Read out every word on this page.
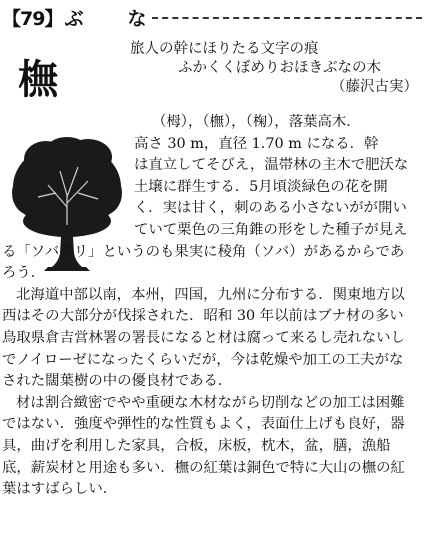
【79】 ぶ な
旅人の幹にほりたる文字の痕
ふかくくぼめりおほきぶなの木
（藤沢古実）
橅

（栂），（橅），（椈），落葉高木．

高さ 30 m，直径 1.70 m になる．幹

は直立してそびえ，温帯林の主木で肥沃な

土壌に群生する．5月頃淡緑色の花を開

く．実は甘く，刺のある小さないがが開い

ていて栗色の三角錐の形をした種子が見え

る「ソバグリ」というのも果実に稜角（ソバ）があるからであ

ろう．

北海道中部以南，本州，四国，九州に分布する．関東地方以

西はその大部分が伐採された．昭和 30 年以前はブナ材の多い

鳥取県倉吉営林署の署長になると材は腐って来るし売れないし

でノイローゼになったくらいだが，今は乾燥や加工の工夫がな

された闊葉樹の中の優良材である．

材は割合緻密でやや重硬な木材ながら切削などの加工は困難

ではない．強度や弾性的な性質もよく，表面仕上げも良好，器

具，曲げを利用した家具，合板，床板，枕木，盆，膳，漁船

底，薪炭材と用途も多い．橅の紅葉は銅色で特に大山の橅の紅

葉はすばらしい．
